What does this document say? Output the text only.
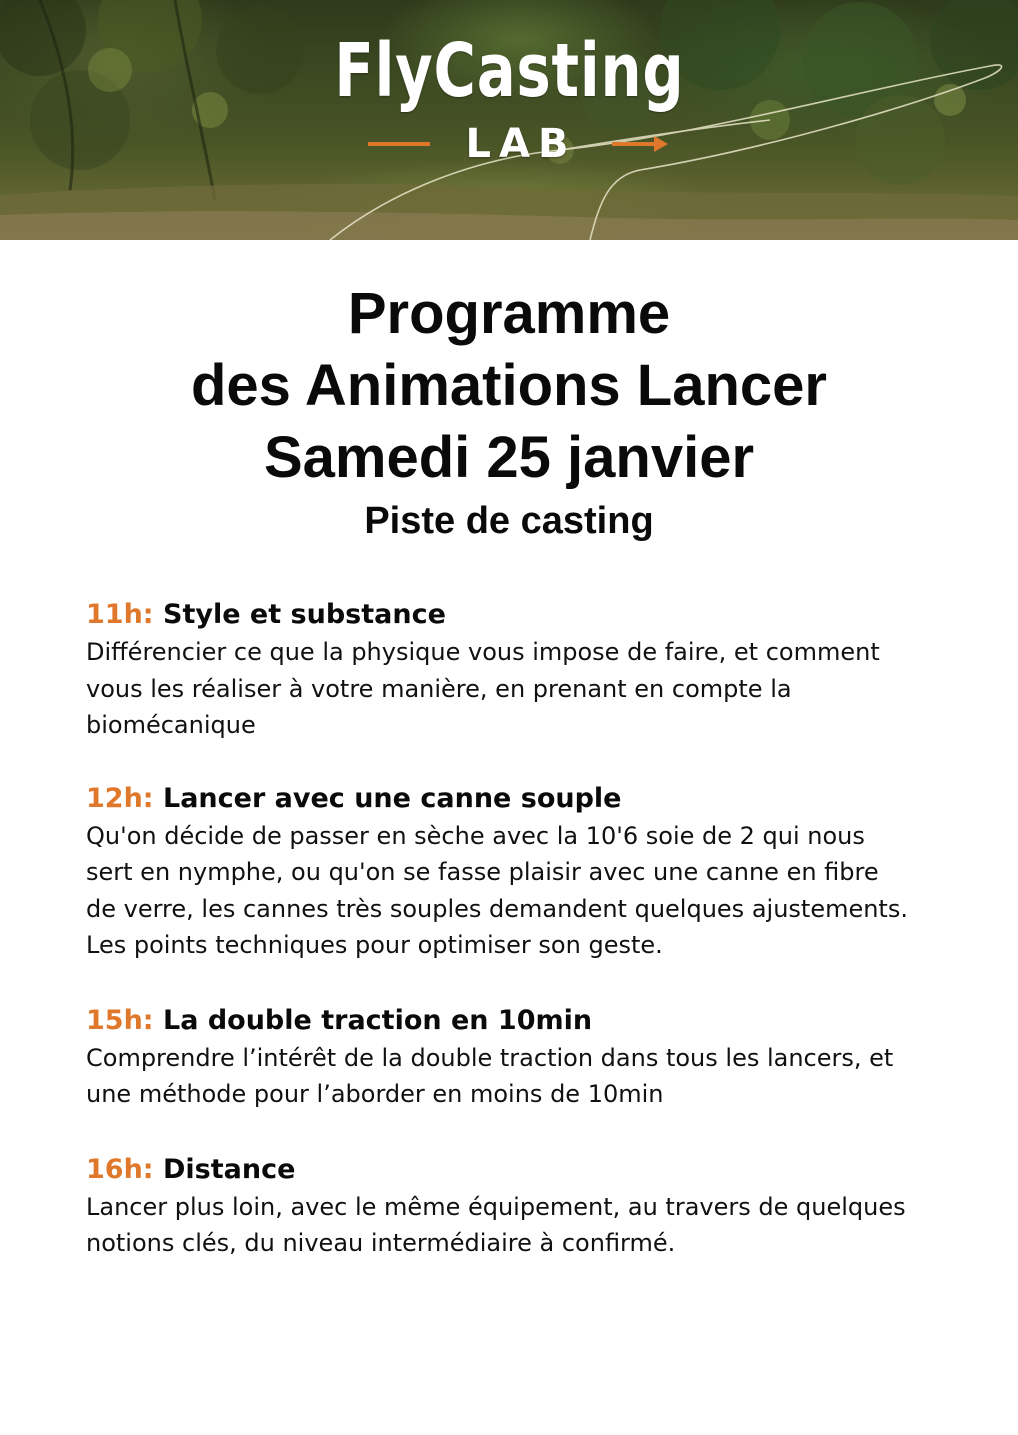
FlyCasting
LAB
Programme
des Animations Lancer
Samedi 25 janvier
Piste de casting
11h: Style et substance

Différencier ce que la physique vous impose de faire, et comment
vous les réaliser à votre manière, en prenant en compte la
biomécanique

12h: Lancer avec une canne souple

Qu'on décide de passer en sèche avec la 10'6 soie de 2 qui nous
sert en nymphe, ou qu'on se fasse plaisir avec une canne en fibre
de verre, les cannes très souples demandent quelques ajustements.
Les points techniques pour optimiser son geste.

15h: La double traction en 10min

Comprendre l’intérêt de la double traction dans tous les lancers, et
une méthode pour l’aborder en moins de 10min

16h: Distance

Lancer plus loin, avec le même équipement, au travers de quelques
notions clés, du niveau intermédiaire à confirmé.
